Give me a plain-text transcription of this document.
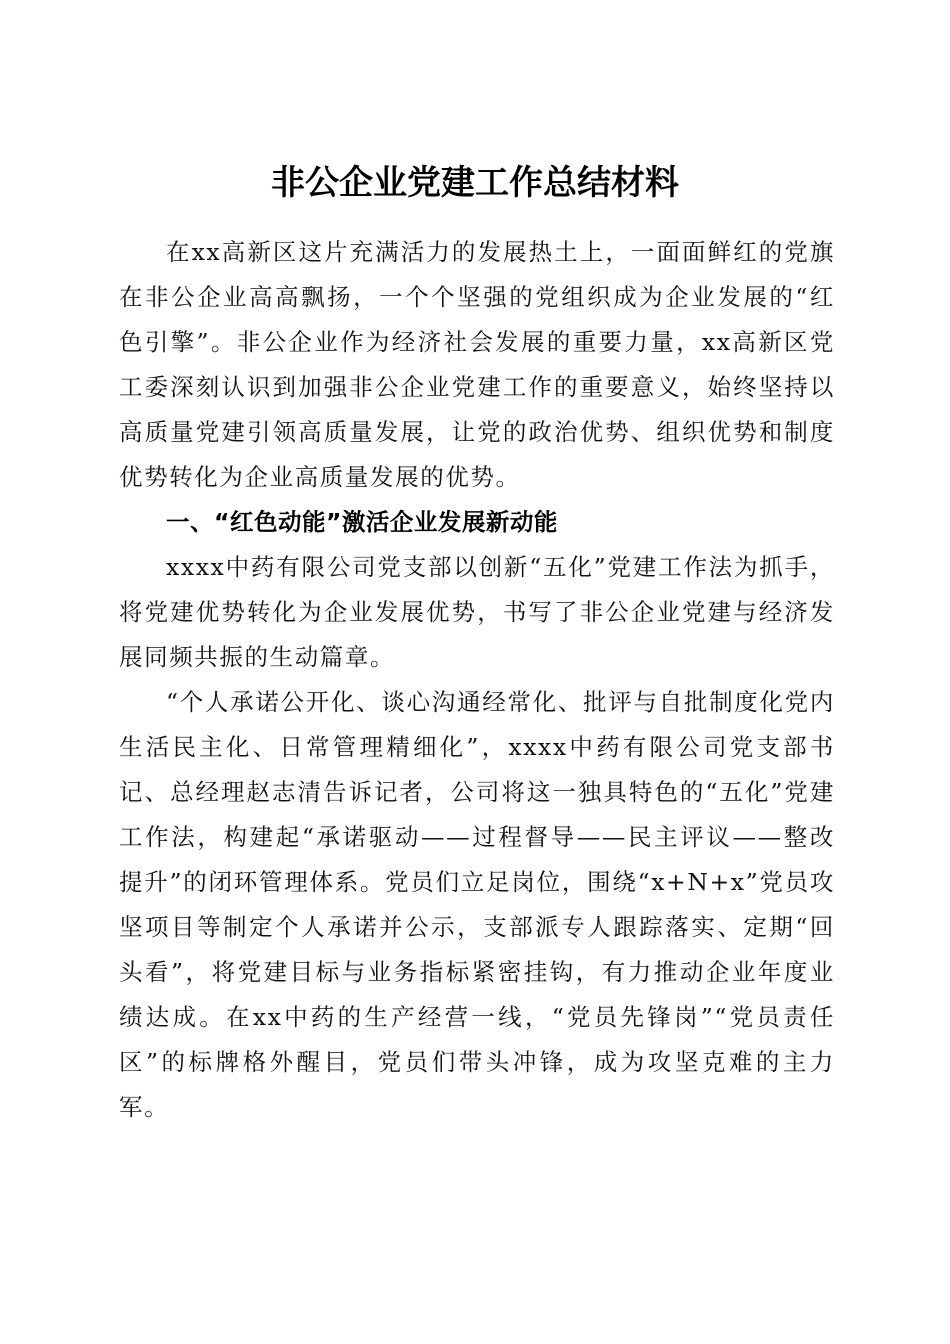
非公企业党建工作总结材料

在xx高新区这片充满活力的发展热土上，一面面鲜红的党旗在非公企业高高飘扬，一个个坚强的党组织成为企业发展的“红色引擎”。非公企业作为经济社会发展的重要力量，xx高新区党工委深刻认识到加强非公企业党建工作的重要意义，始终坚持以高质量党建引领高质量发展，让党的政治优势、组织优势和制度优势转化为企业高质量发展的优势。

一、“红色动能”激活企业发展新动能

xxxx中药有限公司党支部以创新“五化”党建工作法为抓手，将党建优势转化为企业发展优势，书写了非公企业党建与经济发展同频共振的生动篇章。

“个人承诺公开化、谈心沟通经常化、批评与自批制度化党内生活民主化、日常管理精细化”，xxxx中药有限公司党支部书记、总经理赵志清告诉记者，公司将这一独具特色的“五化”党建工作法，构建起“承诺驱动——过程督导——民主评议——整改提升”的闭环管理体系。党员们立足岗位，围绕“x+N+x”党员攻坚项目等制定个人承诺并公示，支部派专人跟踪落实、定期“回头看”，将党建目标与业务指标紧密挂钩，有力推动企业年度业绩达成。在xx中药的生产经营一线，“党员先锋岗”“党员责任区”的标牌格外醒目，党员们带头冲锋，成为攻坚克难的主力军。
